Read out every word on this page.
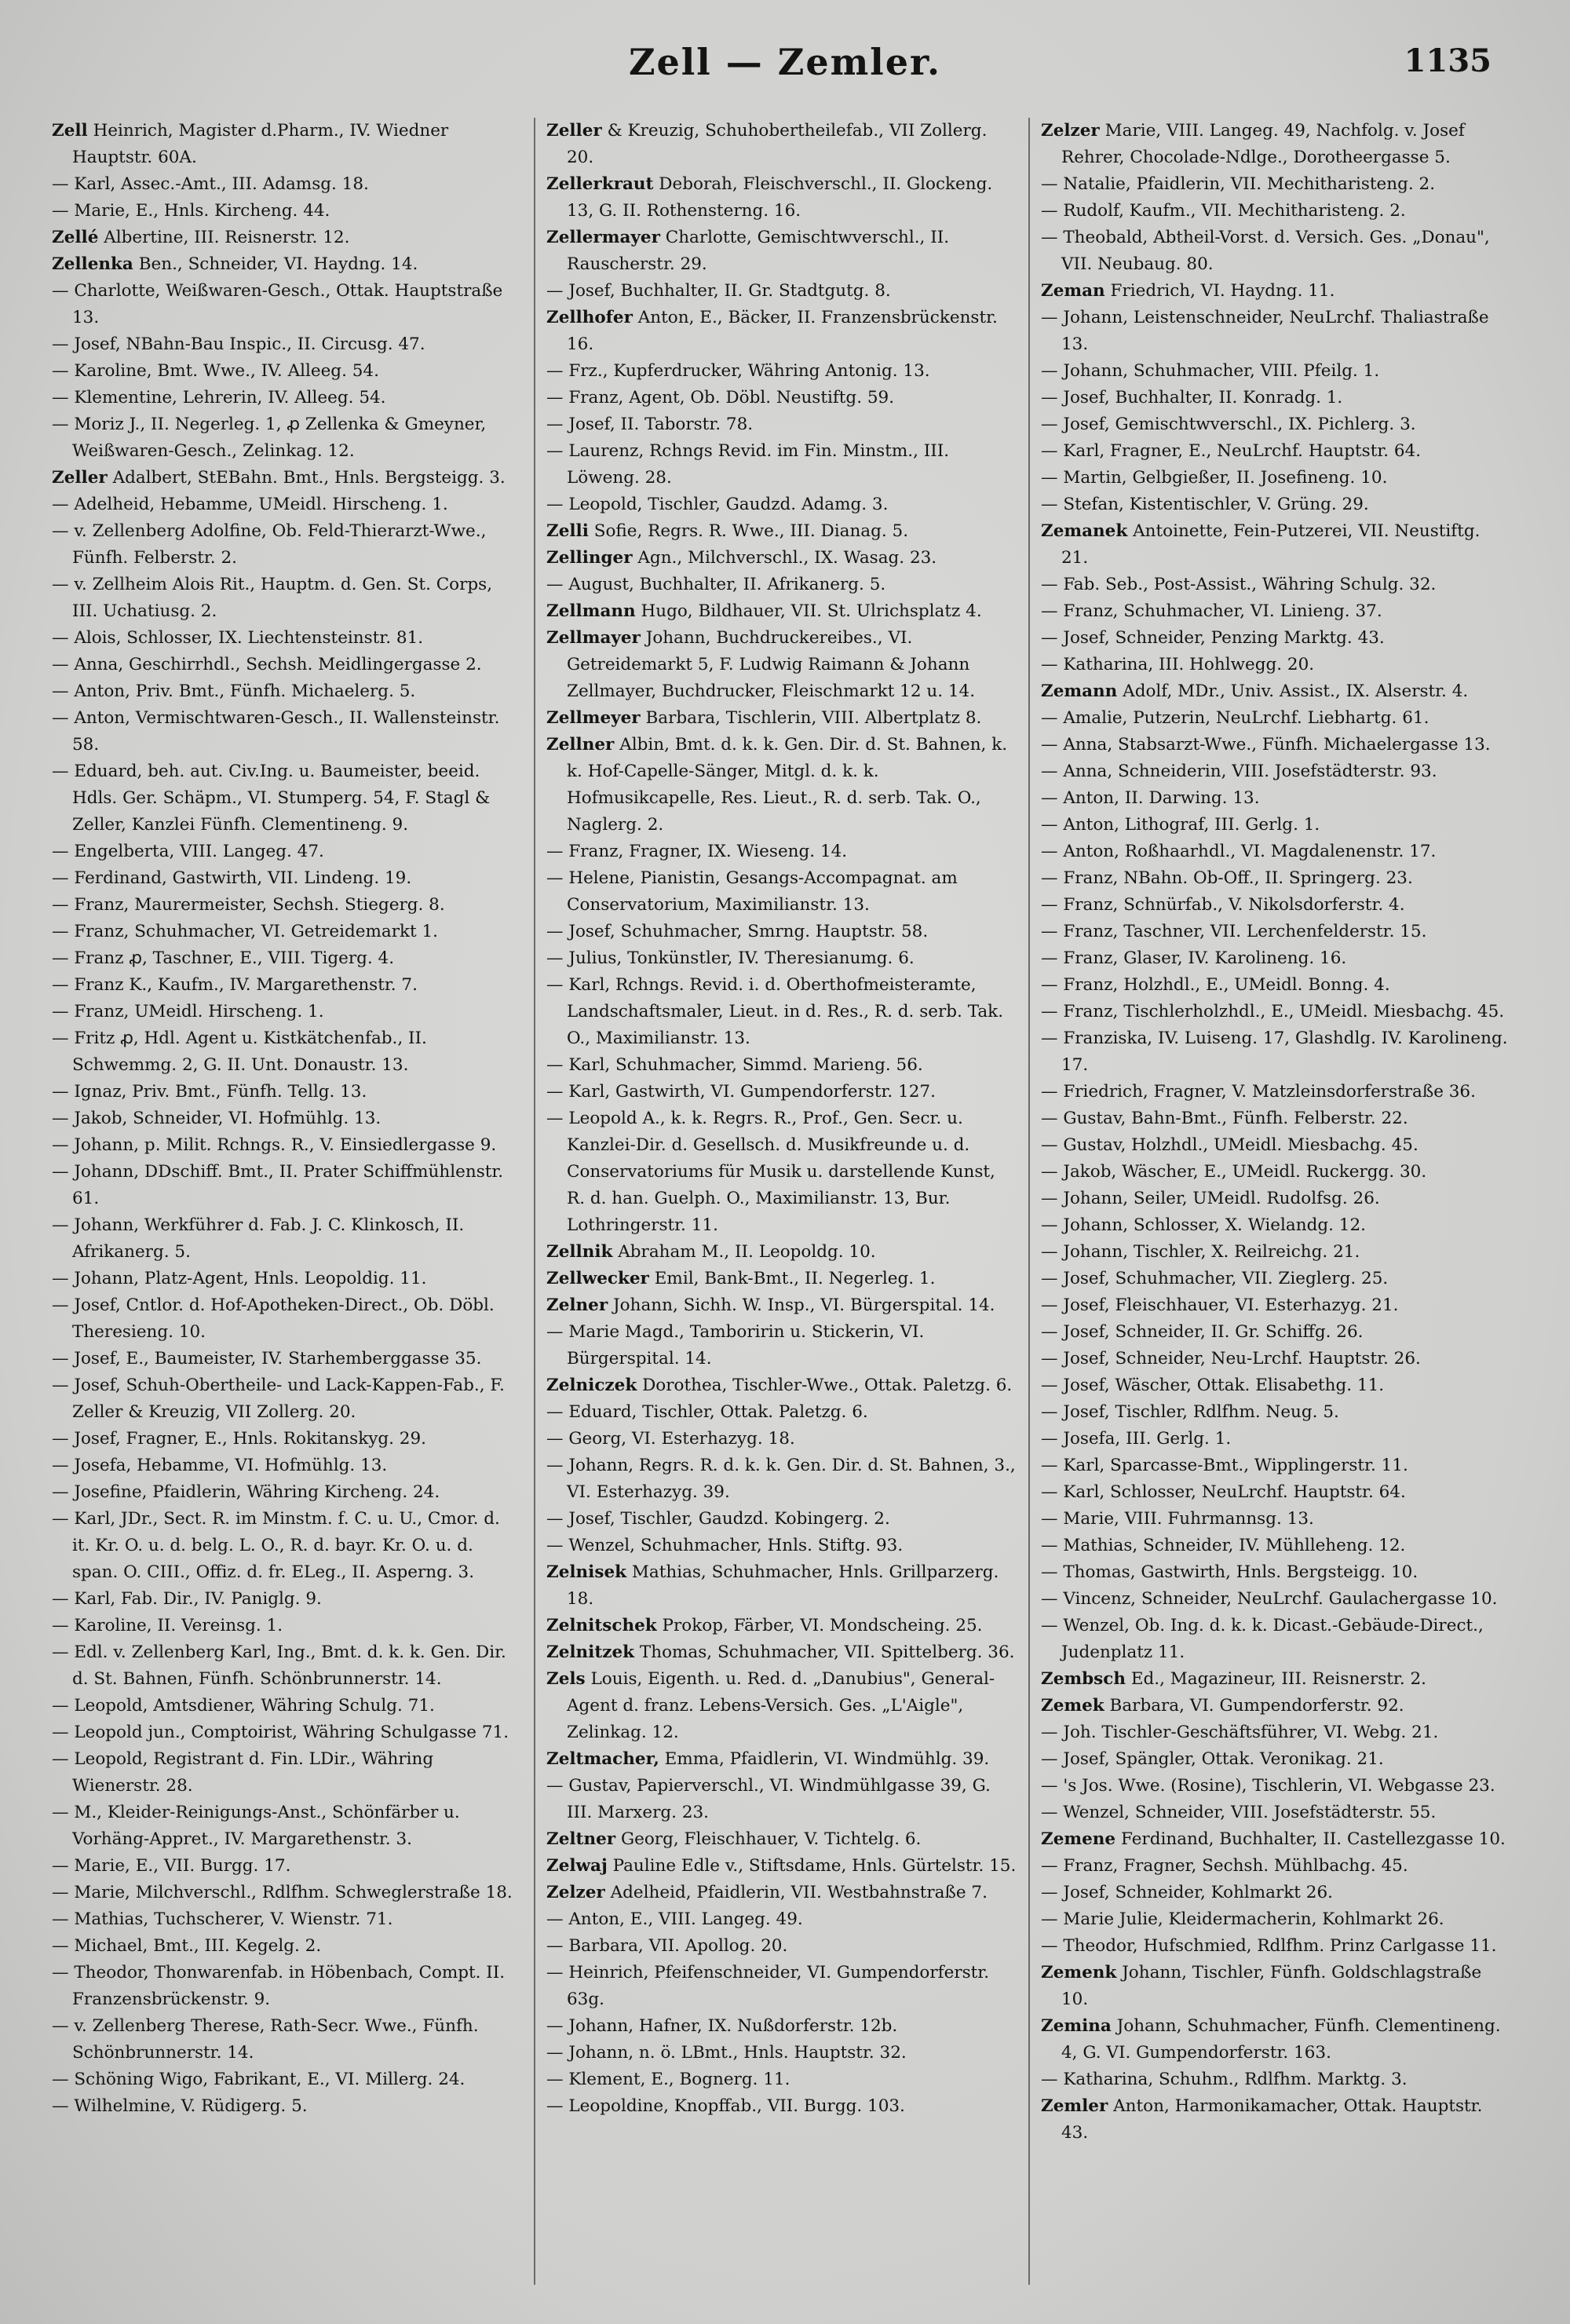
Zell — Zemler.	1135

Zell Heinrich, Magister d.Pharm., IV. Wiedner Hauptstr. 60A.

— Karl, Assec.-Amt., III. Adamsg. 18.

— Marie, E., Hnls. Kircheng. 44.

Zellé Albertine, III. Reisnerstr. 12.

Zellenka Ben., Schneider, VI. Haydng. 14.

— Charlotte, Weißwaren-Gesch., Ottak. Hauptstraße 13.

— Josef, NBahn-Bau Inspic., II. Circusg. 47.

— Karoline, Bmt. Wwe., IV. Alleeg. 54.

— Klementine, Lehrerin, IV. Alleeg. 54.

— Moriz J., II. Negerleg. 1, ꝓ Zellenka & Gmeyner, Weißwaren-Gesch., Zelinkag. 12.

Zeller Adalbert, StEBahn. Bmt., Hnls. Bergsteigg. 3.

— Adelheid, Hebamme, UMeidl. Hirscheng. 1.

— v. Zellenberg Adolfine, Ob. Feld-Thierarzt-Wwe., Fünfh. Felberstr. 2.

— v. Zellheim Alois Rit., Hauptm. d. Gen. St. Corps, III. Uchatiusg. 2.

— Alois, Schlosser, IX. Liechtensteinstr. 81.

— Anna, Geschirrhdl., Sechsh. Meidlingergasse 2.

— Anton, Priv. Bmt., Fünfh. Michaelerg. 5.

— Anton, Vermischtwaren-Gesch., II. Wallensteinstr. 58.

— Eduard, beh. aut. Civ.Ing. u. Baumeister, beeid. Hdls. Ger. Schäpm., VI. Stumperg. 54, F. Stagl & Zeller, Kanzlei Fünfh. Clementineng. 9.

— Engelberta, VIII. Langeg. 47.

— Ferdinand, Gastwirth, VII. Lindeng. 19.

— Franz, Maurermeister, Sechsh. Stiegerg. 8.

— Franz, Schuhmacher, VI. Getreidemarkt 1.

— Franz ꝓ, Taschner, E., VIII. Tigerg. 4.

— Franz K., Kaufm., IV. Margarethenstr. 7.

— Franz, UMeidl. Hirscheng. 1.

— Fritz ꝓ, Hdl. Agent u. Kistkätchenfab., II. Schwemmg. 2, G. II. Unt. Donaustr. 13.

— Ignaz, Priv. Bmt., Fünfh. Tellg. 13.

— Jakob, Schneider, VI. Hofmühlg. 13.

— Johann, p. Milit. Rchngs. R., V. Einsiedlergasse 9.

— Johann, DDschiff. Bmt., II. Prater Schiffmühlenstr. 61.

— Johann, Werkführer d. Fab. J. C. Klinkosch, II. Afrikanerg. 5.

— Johann, Platz-Agent, Hnls. Leopoldig. 11.

— Josef, Cntlor. d. Hof-Apotheken-Direct., Ob. Döbl. Theresieng. 10.

— Josef, E., Baumeister, IV. Starhemberggasse 35.

— Josef, Schuh-Obertheile- und Lack-Kappen-Fab., F. Zeller & Kreuzig, VII Zollerg. 20.

— Josef, Fragner, E., Hnls. Rokitanskyg. 29.

— Josefa, Hebamme, VI. Hofmühlg. 13.

— Josefine, Pfaidlerin, Währing Kircheng. 24.

— Karl, JDr., Sect. R. im Minstm. f. C. u. U., Cmor. d. it. Kr. O. u. d. belg. L. O., R. d. bayr. Kr. O. u. d. span. O. CIII., Offiz. d. fr. ELeg., II. Asperng. 3.

— Karl, Fab. Dir., IV. Paniglg. 9.

— Karoline, II. Vereinsg. 1.

— Edl. v. Zellenberg Karl, Ing., Bmt. d. k. k. Gen. Dir. d. St. Bahnen, Fünfh. Schönbrunnerstr. 14.

— Leopold, Amtsdiener, Währing Schulg. 71.

— Leopold jun., Comptoirist, Währing Schulgasse 71.

— Leopold, Registrant d. Fin. LDir., Währing Wienerstr. 28.

— M., Kleider-Reinigungs-Anst., Schönfärber u. Vorhäng-Appret., IV. Margarethenstr. 3.

— Marie, E., VII. Burgg. 17.

— Marie, Milchverschl., Rdlfhm. Schweglerstraße 18.

— Mathias, Tuchscherer, V. Wienstr. 71.

— Michael, Bmt., III. Kegelg. 2.

— Theodor, Thonwarenfab. in Höbenbach, Compt. II. Franzensbrückenstr. 9.

— v. Zellenberg Therese, Rath-Secr. Wwe., Fünfh. Schönbrunnerstr. 14.

— Schöning Wigo, Fabrikant, E., VI. Millerg. 24.

— Wilhelmine, V. Rüdigerg. 5.

Zeller & Kreuzig, Schuhobertheilefab., VII Zollerg. 20.

Zellerkraut Deborah, Fleischverschl., II. Glockeng. 13, G. II. Rothensterng. 16.

Zellermayer Charlotte, Gemischtwverschl., II. Rauscherstr. 29.

— Josef, Buchhalter, II. Gr. Stadtgutg. 8.

Zellhofer Anton, E., Bäcker, II. Franzensbrückenstr. 16.

— Frz., Kupferdrucker, Währing Antonig. 13.

— Franz, Agent, Ob. Döbl. Neustiftg. 59.

— Josef, II. Taborstr. 78.

— Laurenz, Rchngs Revid. im Fin. Minstm., III. Löweng. 28.

— Leopold, Tischler, Gaudzd. Adamg. 3.

Zelli Sofie, Regrs. R. Wwe., III. Dianag. 5.

Zellinger Agn., Milchverschl., IX. Wasag. 23.

— August, Buchhalter, II. Afrikanerg. 5.

Zellmann Hugo, Bildhauer, VII. St. Ulrichsplatz 4.

Zellmayer Johann, Buchdruckereibes., VI. Getreidemarkt 5, F. Ludwig Raimann & Johann Zellmayer, Buchdrucker, Fleischmarkt 12 u. 14.

Zellmeyer Barbara, Tischlerin, VIII. Albertplatz 8.

Zellner Albin, Bmt. d. k. k. Gen. Dir. d. St. Bahnen, k. k. Hof-Capelle-Sänger, Mitgl. d. k. k. Hofmusikcapelle, Res. Lieut., R. d. serb. Tak. O., Naglerg. 2.

— Franz, Fragner, IX. Wieseng. 14.

— Helene, Pianistin, Gesangs-Accompagnat. am Conservatorium, Maximilianstr. 13.

— Josef, Schuhmacher, Smrng. Hauptstr. 58.

— Julius, Tonkünstler, IV. Theresianumg. 6.

— Karl, Rchngs. Revid. i. d. Oberthofmeisteramte, Landschaftsmaler, Lieut. in d. Res., R. d. serb. Tak. O., Maximilianstr. 13.

— Karl, Schuhmacher, Simmd. Marieng. 56.

— Karl, Gastwirth, VI. Gumpendorferstr. 127.

— Leopold A., k. k. Regrs. R., Prof., Gen. Secr. u. Kanzlei-Dir. d. Gesellsch. d. Musikfreunde u. d. Conservatoriums für Musik u. darstellende Kunst, R. d. han. Guelph. O., Maximilianstr. 13, Bur. Lothringerstr. 11.

Zellnik Abraham M., II. Leopoldg. 10.

Zellwecker Emil, Bank-Bmt., II. Negerleg. 1.

Zelner Johann, Sichh. W. Insp., VI. Bürgerspital. 14.

— Marie Magd., Tamboririn u. Stickerin, VI. Bürgerspital. 14.

Zelniczek Dorothea, Tischler-Wwe., Ottak. Paletzg. 6.

— Eduard, Tischler, Ottak. Paletzg. 6.

— Georg, VI. Esterhazyg. 18.

— Johann, Regrs. R. d. k. k. Gen. Dir. d. St. Bahnen, 3., VI. Esterhazyg. 39.

— Josef, Tischler, Gaudzd. Kobingerg. 2.

— Wenzel, Schuhmacher, Hnls. Stiftg. 93.

Zelnisek Mathias, Schuhmacher, Hnls. Grillparzerg. 18.

Zelnitschek Prokop, Färber, VI. Mondscheing. 25.

Zelnitzek Thomas, Schuhmacher, VII. Spittelberg. 36.

Zels Louis, Eigenth. u. Red. d. „Danubius", General-Agent d. franz. Lebens-Versich. Ges. „L'Aigle", Zelinkag. 12.

Zeltmacher, Emma, Pfaidlerin, VI. Windmühlg. 39.

— Gustav, Papierverschl., VI. Windmühlgasse 39, G. III. Marxerg. 23.

Zeltner Georg, Fleischhauer, V. Tichtelg. 6.

Zelwaj Pauline Edle v., Stiftsdame, Hnls. Gürtelstr. 15.

Zelzer Adelheid, Pfaidlerin, VII. Westbahnstraße 7.

— Anton, E., VIII. Langeg. 49.

— Barbara, VII. Apollog. 20.

— Heinrich, Pfeifenschneider, VI. Gumpendorferstr. 63g.

— Johann, Hafner, IX. Nußdorferstr. 12b.

— Johann, n. ö. LBmt., Hnls. Hauptstr. 32.

— Klement, E., Bognerg. 11.

— Leopoldine, Knopffab., VII. Burgg. 103.

Zelzer Marie, VIII. Langeg. 49, Nachfolg. v. Josef Rehrer, Chocolade-Ndlge., Dorotheergasse 5.

— Natalie, Pfaidlerin, VII. Mechitharisteng. 2.

— Rudolf, Kaufm., VII. Mechitharisteng. 2.

— Theobald, Abtheil-Vorst. d. Versich. Ges. „Donau", VII. Neubaug. 80.

Zeman Friedrich, VI. Haydng. 11.

— Johann, Leistenschneider, NeuLrchf. Thaliastraße 13.

— Johann, Schuhmacher, VIII. Pfeilg. 1.

— Josef, Buchhalter, II. Konradg. 1.

— Josef, Gemischtwverschl., IX. Pichlerg. 3.

— Karl, Fragner, E., NeuLrchf. Hauptstr. 64.

— Martin, Gelbgießer, II. Josefineng. 10.

— Stefan, Kistentischler, V. Grüng. 29.

Zemanek Antoinette, Fein-Putzerei, VII. Neustiftg. 21.

— Fab. Seb., Post-Assist., Währing Schulg. 32.

— Franz, Schuhmacher, VI. Linieng. 37.

— Josef, Schneider, Penzing Marktg. 43.

— Katharina, III. Hohlwegg. 20.

Zemann Adolf, MDr., Univ. Assist., IX. Alserstr. 4.

— Amalie, Putzerin, NeuLrchf. Liebhartg. 61.

— Anna, Stabsarzt-Wwe., Fünfh. Michaelergasse 13.

— Anna, Schneiderin, VIII. Josefstädterstr. 93.

— Anton, II. Darwing. 13.

— Anton, Lithograf, III. Gerlg. 1.

— Anton, Roßhaarhdl., VI. Magdalenenstr. 17.

— Franz, NBahn. Ob-Off., II. Springerg. 23.

— Franz, Schnürfab., V. Nikolsdorferstr. 4.

— Franz, Taschner, VII. Lerchenfelderstr. 15.

— Franz, Glaser, IV. Karolineng. 16.

— Franz, Holzhdl., E., UMeidl. Bonng. 4.

— Franz, Tischlerholzhdl., E., UMeidl. Miesbachg. 45.

— Franziska, IV. Luiseng. 17, Glashdlg. IV. Karolineng. 17.

— Friedrich, Fragner, V. Matzleinsdorferstraße 36.

— Gustav, Bahn-Bmt., Fünfh. Felberstr. 22.

— Gustav, Holzhdl., UMeidl. Miesbachg. 45.

— Jakob, Wäscher, E., UMeidl. Ruckergg. 30.

— Johann, Seiler, UMeidl. Rudolfsg. 26.

— Johann, Schlosser, X. Wielandg. 12.

— Johann, Tischler, X. Reilreichg. 21.

— Josef, Schuhmacher, VII. Zieglerg. 25.

— Josef, Fleischhauer, VI. Esterhazyg. 21.

— Josef, Schneider, II. Gr. Schiffg. 26.

— Josef, Schneider, Neu-Lrchf. Hauptstr. 26.

— Josef, Wäscher, Ottak. Elisabethg. 11.

— Josef, Tischler, Rdlfhm. Neug. 5.

— Josefa, III. Gerlg. 1.

— Karl, Sparcasse-Bmt., Wipplingerstr. 11.

— Karl, Schlosser, NeuLrchf. Hauptstr. 64.

— Marie, VIII. Fuhrmannsg. 13.

— Mathias, Schneider, IV. Mühlleheng. 12.

— Thomas, Gastwirth, Hnls. Bergsteigg. 10.

— Vincenz, Schneider, NeuLrchf. Gaulachergasse 10.

— Wenzel, Ob. Ing. d. k. k. Dicast.-Gebäude-Direct., Judenplatz 11.

Zembsch Ed., Magazineur, III. Reisnerstr. 2.

Zemek Barbara, VI. Gumpendorferstr. 92.

— Joh. Tischler-Geschäftsführer, VI. Webg. 21.

— Josef, Spängler, Ottak. Veronikag. 21.

— 's Jos. Wwe. (Rosine), Tischlerin, VI. Webgasse 23.

— Wenzel, Schneider, VIII. Josefstädterstr. 55.

Zemene Ferdinand, Buchhalter, II. Castellezgasse 10.

— Franz, Fragner, Sechsh. Mühlbachg. 45.

— Josef, Schneider, Kohlmarkt 26.

— Marie Julie, Kleidermacherin, Kohlmarkt 26.

— Theodor, Hufschmied, Rdlfhm. Prinz Carlgasse 11.

Zemenk Johann, Tischler, Fünfh. Goldschlagstraße 10.

Zemina Johann, Schuhmacher, Fünfh. Clementineng. 4, G. VI. Gumpendorferstr. 163.

— Katharina, Schuhm., Rdlfhm. Marktg. 3.

Zemler Anton, Harmonikamacher, Ottak. Hauptstr. 43.
